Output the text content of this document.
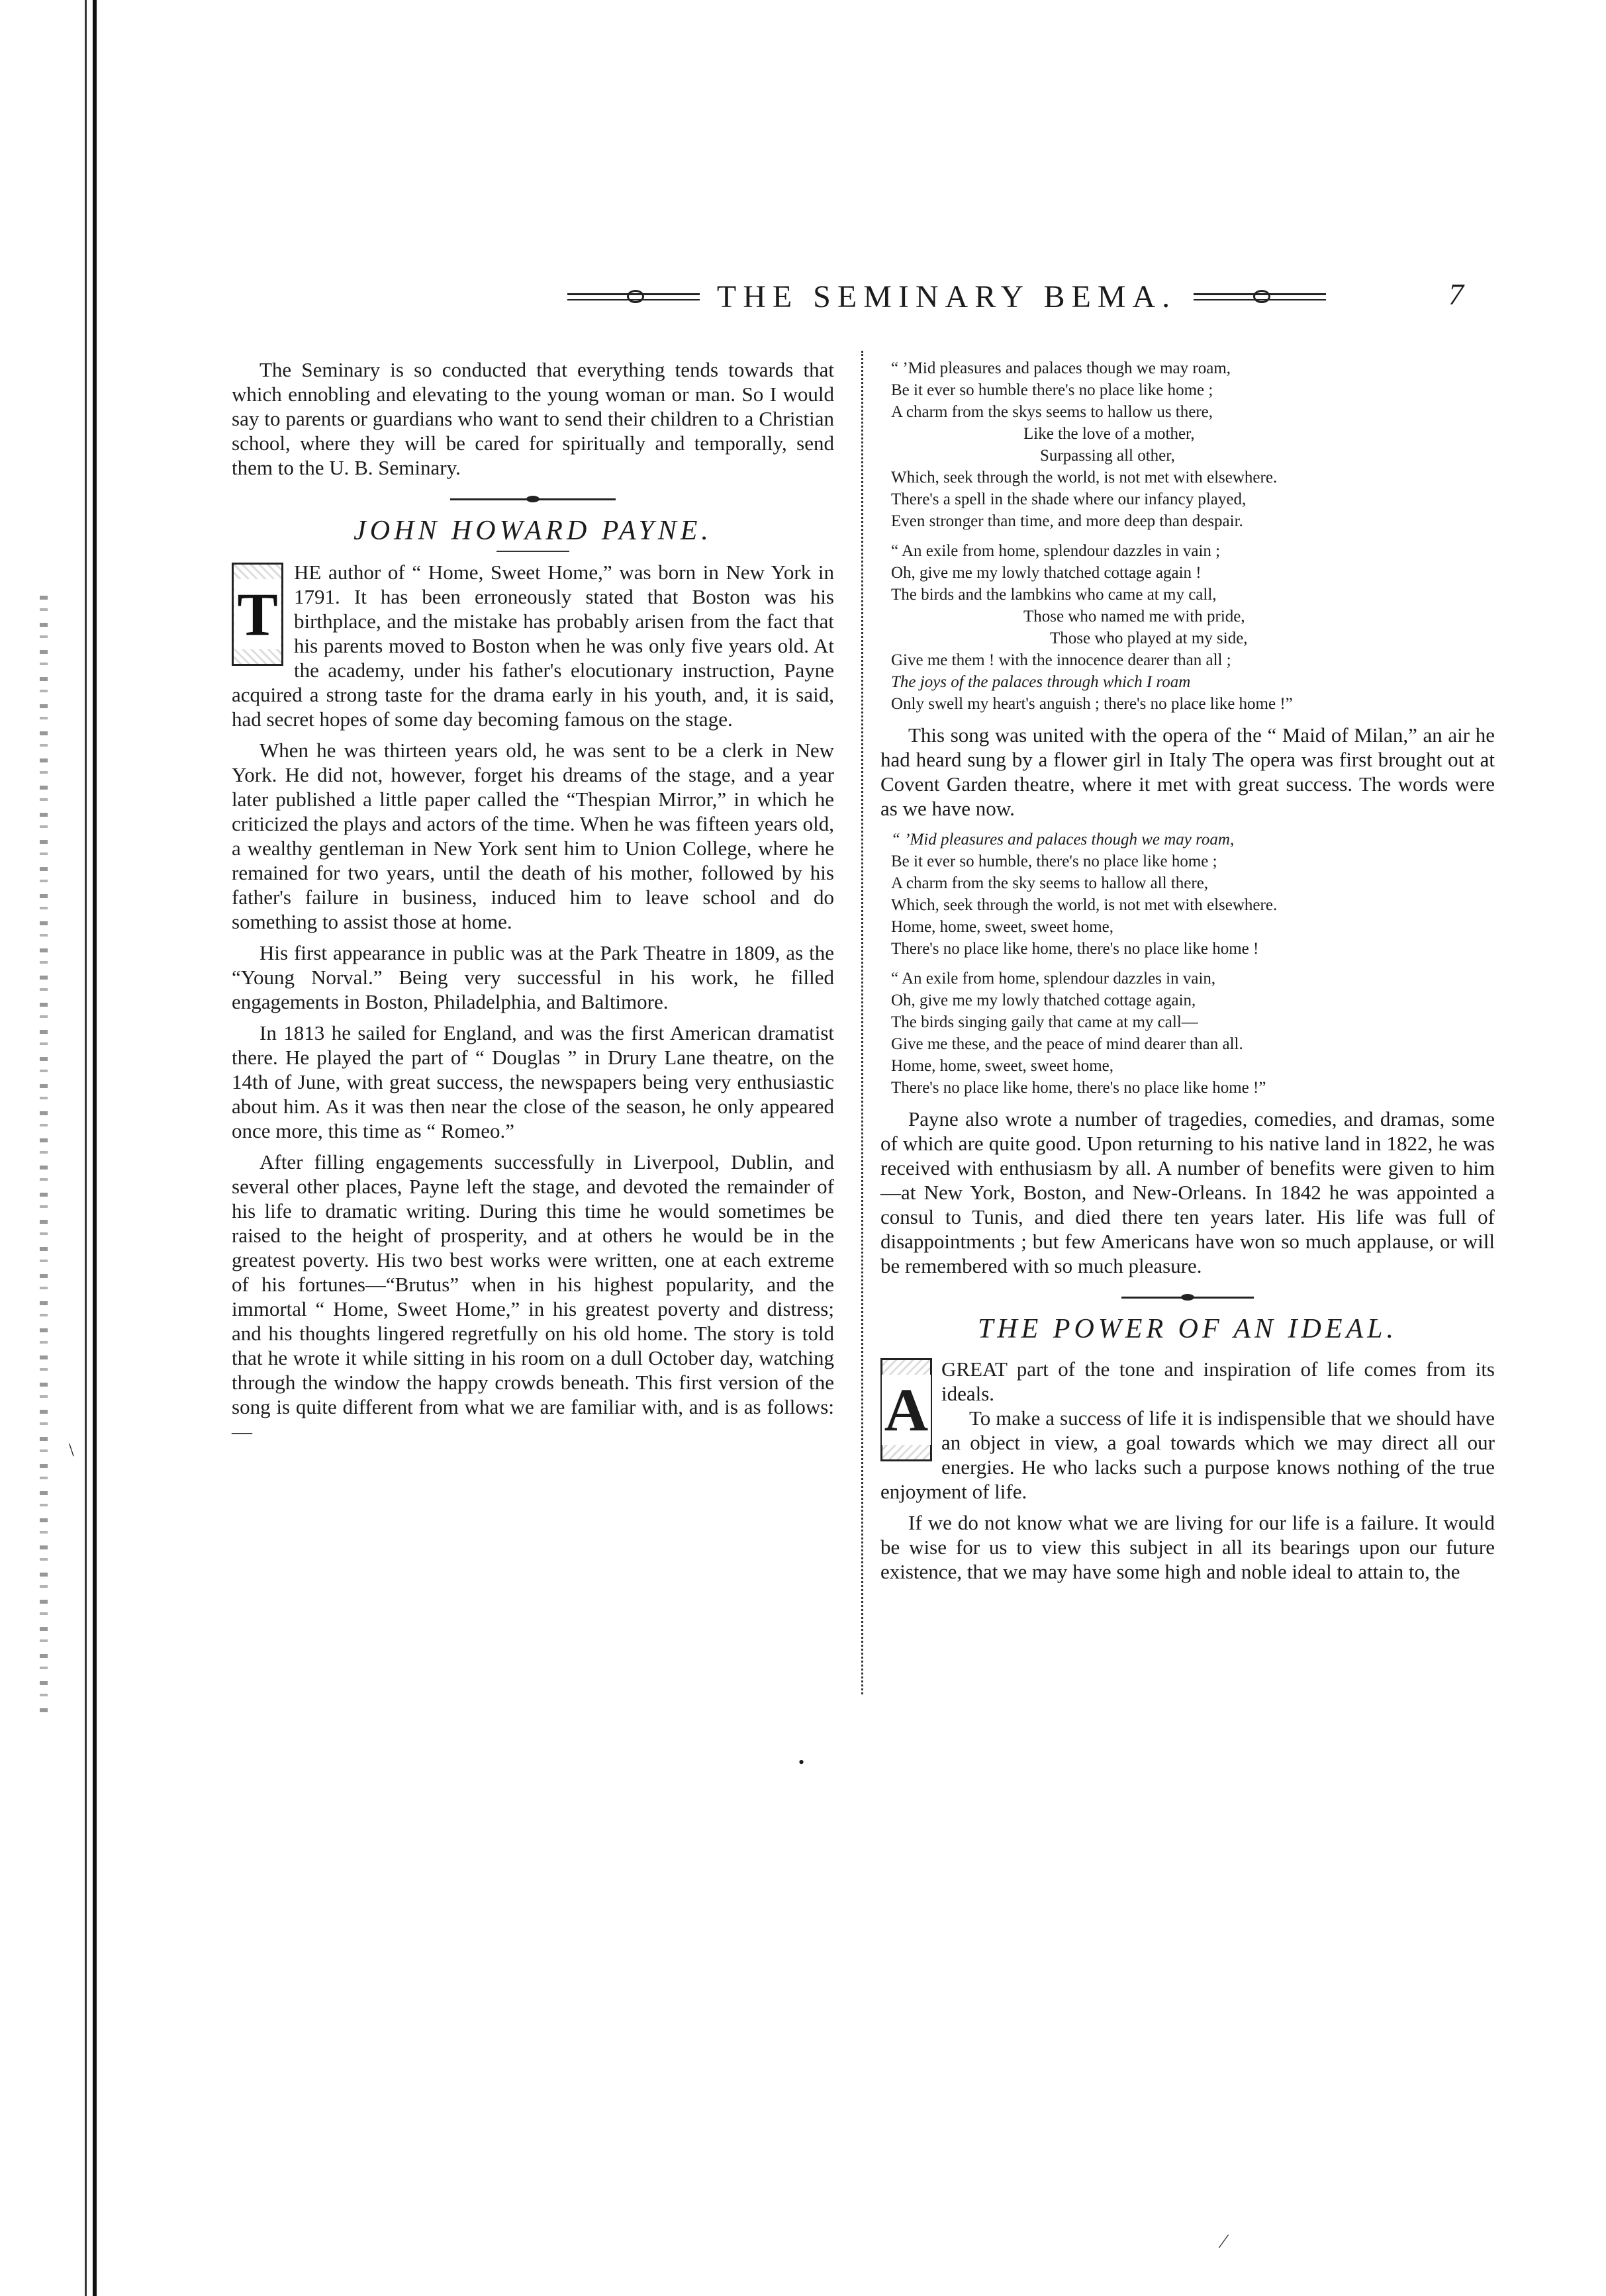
THE SEMINARY BEMA.	7

The Seminary is so conducted that everything tends towards that which ennobling and elevating to the young woman or man. So I would say to parents or guardians who want to send their children to a Christian school, where they will be cared for spiritually and temporally, send them to the U. B. Seminary.

JOHN HOWARD PAYNE.
T

HE author of “ Home, Sweet Home,” was born in New York in 1791. It has been erroneously stated that Boston was his birthplace, and the mistake has probably arisen from the fact that his parents moved to Boston when he was only five years old. At the academy, under his father's elocutionary instruction, Payne acquired a strong taste for the drama early in his youth, and, it is said, had secret hopes of some day becoming famous on the stage.

When he was thirteen years old, he was sent to be a clerk in New York. He did not, however, forget his dreams of the stage, and a year later published a little paper called the “Thespian Mirror,” in which he criticized the plays and actors of the time. When he was fifteen years old, a wealthy gentleman in New York sent him to Union College, where he remained for two years, until the death of his mother, followed by his father's failure in business, induced him to leave school and do something to assist those at home.

His first appearance in public was at the Park Theatre in 1809, as the “Young Norval.” Being very successful in his work, he filled engagements in Boston, Philadelphia, and Baltimore.

In 1813 he sailed for England, and was the first American dramatist there. He played the part of “ Douglas ” in Drury Lane theatre, on the 14th of June, with great success, the newspapers being very enthusiastic about him. As it was then near the close of the season, he only appeared once more, this time as “ Romeo.”

After filling engagements successfully in Liverpool, Dublin, and several other places, Payne left the stage, and devoted the remainder of his life to dramatic writing. During this time he would sometimes be raised to the height of prosperity, and at others he would be in the greatest poverty. His two best works were written, one at each extreme of his fortunes—“Brutus” when in his highest popularity, and the immortal “ Home, Sweet Home,” in his greatest poverty and distress; and his thoughts lingered regretfully on his old home. The story is told that he wrote it while sitting in his room on a dull October day, watching through the window the happy crowds beneath. This first version of the song is quite different from what we are familiar with, and is as follows:—

“ ’Mid pleasures and palaces though we may roam,
Be it ever so humble there's no place like home ;
A charm from the skys seems to hallow us there,
Like the love of a mother,
Surpassing all other,
Which, seek through the world, is not met with elsewhere.
There's a spell in the shade where our infancy played,
Even stronger than time, and more deep than despair.
“ An exile from home, splendour dazzles in vain ;
Oh, give me my lowly thatched cottage again !
The birds and the lambkins who came at my call,
Those who named me with pride,
Those who played at my side,
Give me them ! with the innocence dearer than all ;
The joys of the palaces through which I roam
Only swell my heart's anguish ; there's no place like home !”

This song was united with the opera of the “ Maid of Milan,” an air he had heard sung by a flower girl in Italy The opera was first brought out at Covent Garden theatre, where it met with great success. The words were as we have now.

“ ’Mid pleasures and palaces though we may roam,
Be it ever so humble, there's no place like home ;
A charm from the sky seems to hallow all there,
Which, seek through the world, is not met with elsewhere.
Home, home, sweet, sweet home,
There's no place like home, there's no place like home !
“ An exile from home, splendour dazzles in vain,
Oh, give me my lowly thatched cottage again,
The birds singing gaily that came at my call—
Give me these, and the peace of mind dearer than all.
Home, home, sweet, sweet home,
There's no place like home, there's no place like home !”

Payne also wrote a number of tragedies, comedies, and dramas, some of which are quite good. Upon returning to his native land in 1822, he was received with enthusiasm by all. A number of benefits were given to him—at New York, Boston, and New-Orleans. In 1842 he was appointed a consul to Tunis, and died there ten years later. His life was full of disappointments ; but few Americans have won so much applause, or will be remembered with so much pleasure.

THE POWER OF AN IDEAL.
A

GREAT part of the tone and inspiration of life comes from its ideals.

To make a success of life it is indispensible that we should have an object in view, a goal towards which we may direct all our energies. He who lacks such a purpose knows nothing of the true enjoyment of life.

If we do not know what we are living for our life is a failure. It would be wise for us to view this subject in all its bearings upon our future existence, that we may have some high and noble ideal to attain to, the

•
⁄
\
